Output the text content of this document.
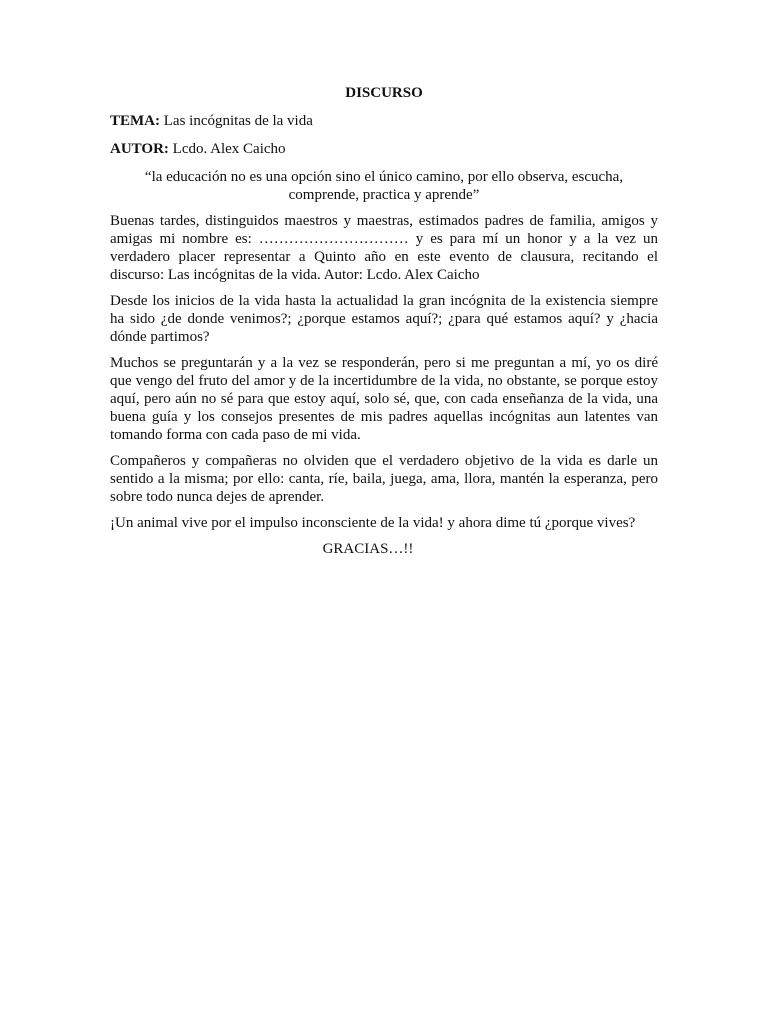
DISCURSO

TEMA: Las incógnitas de la vida

AUTOR: Lcdo. Alex Caicho

“la educación no es una opción sino el único camino, por ello observa, escucha, comprende, practica y aprende”

Buenas tardes, distinguidos maestros y maestras, estimados padres de familia, amigos y amigas mi nombre es: ………………………… y es para mí un honor y a la vez un verdadero placer representar a Quinto año en este evento de clausura, recitando el discurso: Las incógnitas de la vida. Autor: Lcdo. Alex Caicho

Desde los inicios de la vida hasta la actualidad la gran incógnita de la existencia siempre ha sido ¿de donde venimos?; ¿porque estamos aquí?; ¿para qué estamos aquí? y ¿hacia dónde partimos?

Muchos se preguntarán y a la vez se responderán, pero si me preguntan a mí, yo os diré que vengo del fruto del amor y de la incertidumbre de la vida, no obstante, se porque estoy aquí, pero aún no sé para que estoy aquí, solo sé, que, con cada enseñanza de la vida, una buena guía y los consejos presentes de mis padres aquellas incógnitas aun latentes van tomando forma con cada paso de mi vida.

Compañeros y compañeras no olviden que el verdadero objetivo de la vida es darle un sentido a la misma; por ello: canta, ríe, baila, juega, ama, llora, mantén la esperanza, pero sobre todo nunca dejes de aprender.

¡Un animal vive por el impulso inconsciente de la vida! y ahora dime tú ¿porque vives?

GRACIAS…!!
